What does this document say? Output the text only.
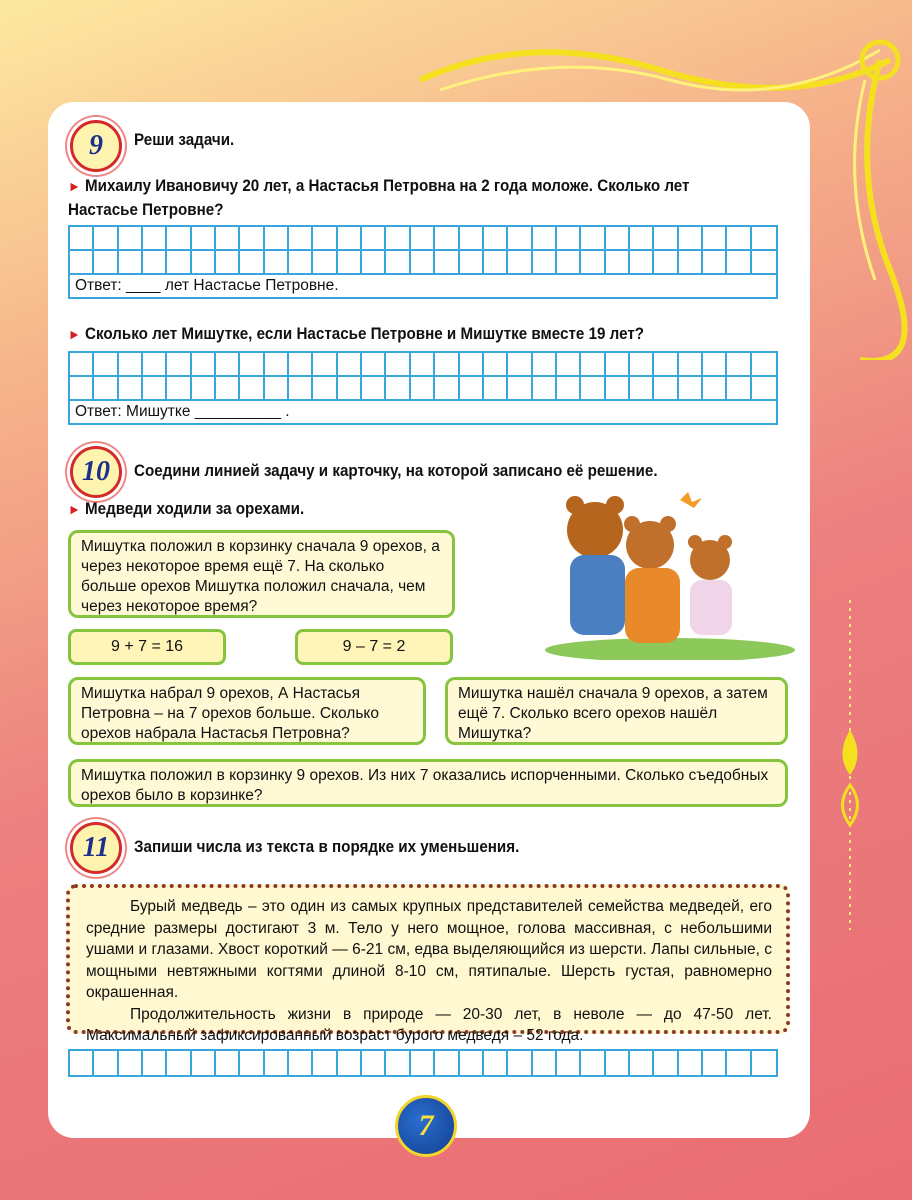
9	Реши задачи.
► Михаилу Ивановичу 20 лет, а Настасья Петровна на 2 года моложе. Сколько лет Настасье Петровне?
Ответ: ____ лет Настасье Петровне.
► Сколько лет Мишутке, если Настасье Петровне и Мишутке вместе 19 лет?
Ответ: Мишутке __________ .
10	Соедини линией задачу и карточку, на которой записано её решение.
► Медведи ходили за орехами.
Мишутка положил в корзинку сначала 9 орехов, а через некоторое время ещё 7. На сколько больше орехов Мишутка положил сначала, чем через некоторое время?
9 + 7 = 16	9 – 7 = 2
Мишутка набрал 9 орехов, А Настасья Петровна – на 7 орехов больше. Сколько орехов набрала Настасья Петровна?
Мишутка нашёл сначала 9 орехов, а затем ещё 7. Сколько всего орехов нашёл Мишутка?
Мишутка положил в корзинку 9 орехов. Из них 7 оказались испорченными. Сколько съедобных орехов было в корзинке?
11	Запиши числа из текста в порядке их уменьшения.

Бурый медведь – это один из самых крупных представителей семейства медведей, его средние размеры достигают 3 м. Тело у него мощное, голова массивная, с небольшими ушами и глазами. Хвост короткий — 6-21 см, едва выделяющийся из шерсти. Лапы сильные, с мощными невтяжными когтями длиной 8-10 см, пятипалые. Шерсть густая, равномерно окрашенная.

Продолжительность жизни в природе — 20-30 лет, в неволе — до 47-50 лет. Максимальный зафиксированный возраст бурого медведя – 52 года.

7
